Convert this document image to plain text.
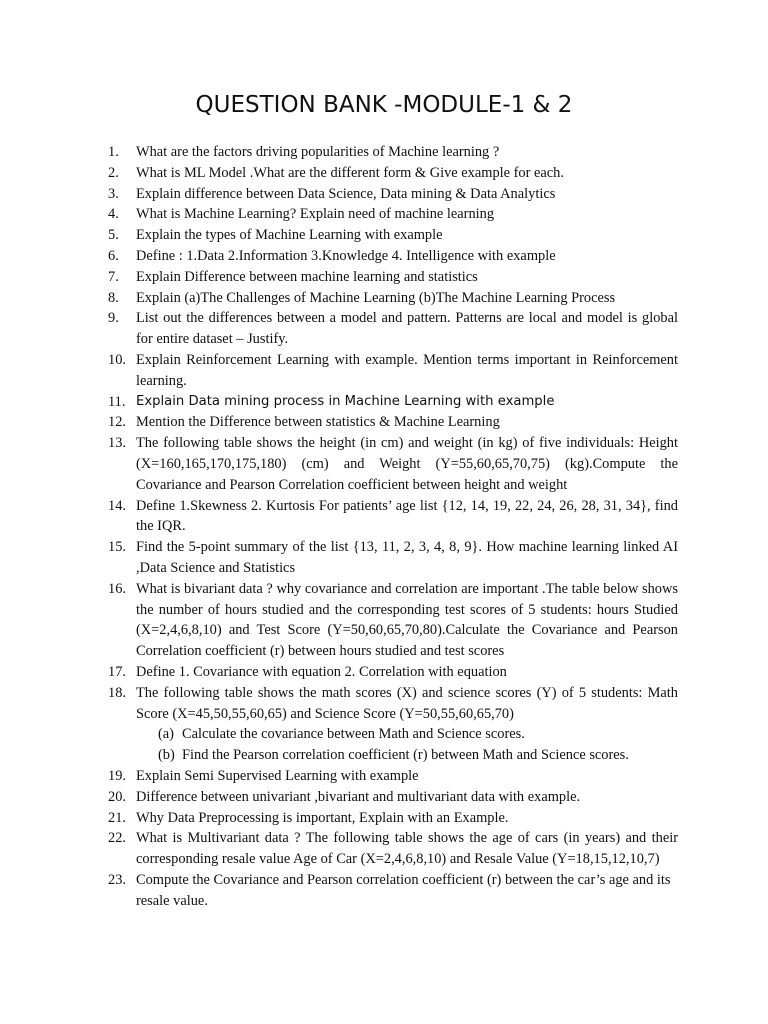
QUESTION BANK -MODULE-1 & 2
1.	What are the factors driving popularities of Machine learning ?
2.	What is ML Model .What are the different form & Give example for each.
3.	Explain difference between Data Science, Data mining & Data Analytics
4.	What is Machine Learning? Explain need of machine learning
5.	Explain the types of Machine Learning with example
6.	Define : 1.Data 2.Information 3.Knowledge 4. Intelligence with example
7.	Explain Difference between machine learning and statistics
8.	Explain (a)The Challenges of Machine Learning (b)The Machine Learning Process
9.	List out the differences between a model and pattern. Patterns are local and model is global for entire dataset – Justify.
10. Explain Reinforcement Learning with example. Mention terms important in Reinforcement learning.
11. Explain Data mining process in Machine Learning with example
12. Mention the Difference between statistics & Machine Learning
13. The following table shows the height (in cm) and weight (in kg) of five individuals: Height (X=160,165,170,175,180) (cm) and Weight (Y=55,60,65,70,75) (kg).Compute the Covariance and Pearson Correlation coefficient between height and weight
14. Define 1.Skewness 2. Kurtosis For patients’ age list {12, 14, 19, 22, 24, 26, 28, 31, 34}, find the IQR.
15. Find the 5-point summary of the list {13, 11, 2, 3, 4, 8, 9}. How machine learning linked AI ,Data Science and Statistics
16. What is bivariant data ? why covariance and correlation are important .The table below shows the number of hours studied and the corresponding test scores of 5 students: hours Studied (X=2,4,6,8,10) and Test Score (Y=50,60,65,70,80).Calculate the Covariance and Pearson Correlation coefficient (r) between hours studied and test scores
17. Define 1. Covariance with equation 2. Correlation with equation
18. The following table shows the math scores (X) and science scores (Y) of 5 students: Math Score (X=45,50,55,60,65) and Science Score (Y=50,55,60,65,70)
(a) Calculate the covariance between Math and Science scores.
(b) Find the Pearson correlation coefficient (r) between Math and Science scores.
19. Explain Semi Supervised Learning with example
20. Difference between univariant ,bivariant and multivariant data with example.
21. Why Data Preprocessing is important, Explain with an Example.
22. What is Multivariant data ? The following table shows the age of cars (in years) and their corresponding resale value Age of Car (X=2,4,6,8,10) and Resale Value (Y=18,15,12,10,7)
23. Compute the Covariance and Pearson correlation coefficient (r) between the car’s age and its resale value.
